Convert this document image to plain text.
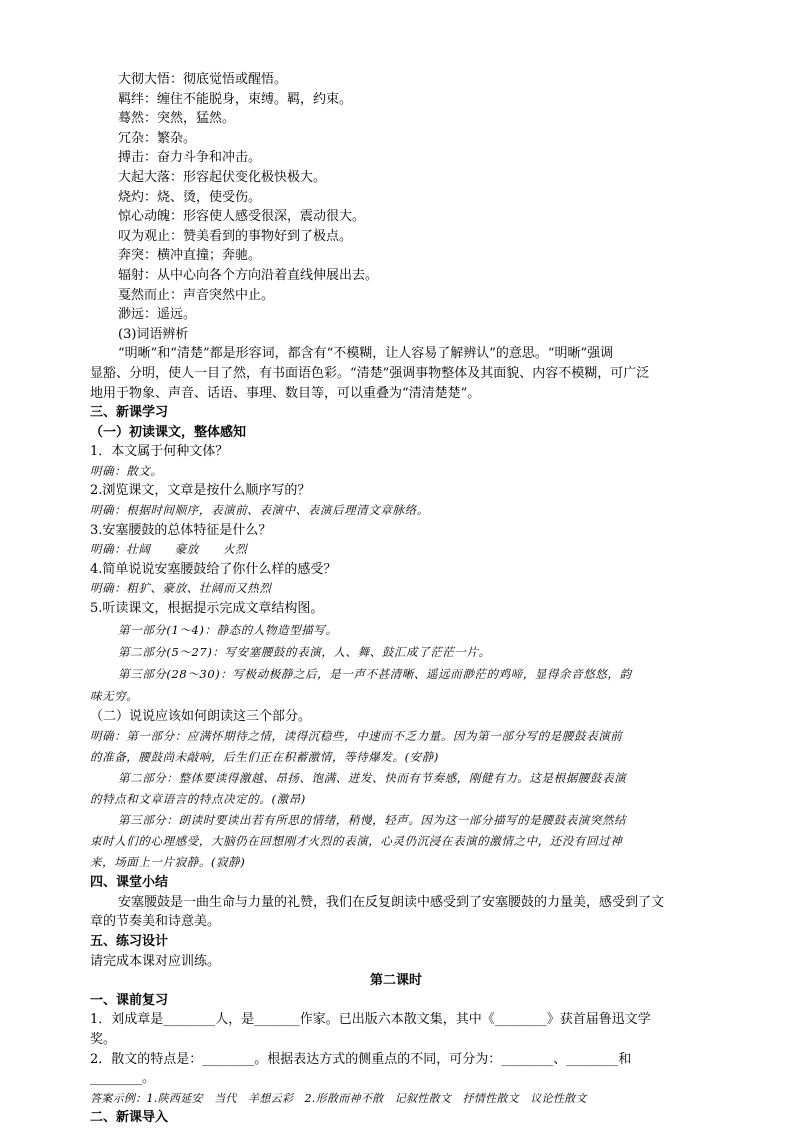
大彻大悟：彻底觉悟或醒悟。
羁绊：缠住不能脱身，束缚。羁，约束。
蓦然：突然，猛然。
冗杂：繁杂。
搏击：奋力斗争和冲击。
大起大落：形容起伏变化极快极大。
烧灼：烧、烫，使受伤。
惊心动魄：形容使人感受很深，震动很大。
叹为观止：赞美看到的事物好到了极点。
奔突：横冲直撞；奔驰。
辐射：从中心向各个方向沿着直线伸展出去。
戛然而止：声音突然中止。
渺远：遥远。
(3)词语辨析
“明晰”和“清楚”都是形容词，都含有“不模糊，让人容易了解辨认”的意思。“明晰”强调
显豁、分明，使人一目了然，有书面语色彩。“清楚”强调事物整体及其面貌、内容不模糊，可广泛
地用于物象、声音、话语、事理、数目等，可以重叠为“清清楚楚”。
三、新课学习
（一）初读课文，整体感知
1．本文属于何种文体？
明确：散文。
2.浏览课文，文章是按什么顺序写的？
明确：根据时间顺序，表演前、表演中、表演后理清文章脉络。
3.安塞腰鼓的总体特征是什么？
明确：壮阔　　豪放　　火烈
4.简单说说安塞腰鼓给了你什么样的感受？
明确：粗犷、豪放、壮阔而又热烈
5.听读课文，根据提示完成文章结构图。
第一部分(1～4)：静态的人物造型描写。
第二部分(5～27)：写安塞腰鼓的表演，人、舞、鼓汇成了茫茫一片。
第三部分(28～30)：写极动极静之后，是一声不甚清晰、遥远而渺茫的鸡啼，显得余音悠悠，韵
味无穷。
（二）说说应该如何朗读这三个部分。
明确：第一部分：应满怀期待之情，读得沉稳些，中速而不乏力量。因为第一部分写的是腰鼓表演前
的准备，腰鼓尚未敲响，后生们正在积蓄激情，等待爆发。(安静)
第二部分：整体要读得激越、昂扬、饱满、迸发、快而有节奏感，刚健有力。这是根据腰鼓表演
的特点和文章语言的特点决定的。(激昂)
第三部分：朗读时要读出若有所思的情绪，稍慢，轻声。因为这一部分描写的是腰鼓表演突然结
束时人们的心理感受，大脑仍在回想刚才火烈的表演，心灵仍沉浸在表演的激情之中，还没有回过神
来，场面上一片寂静。(寂静)
四、课堂小结
安塞腰鼓是一曲生命与力量的礼赞，我们在反复朗读中感受到了安塞腰鼓的力量美，感受到了文
章的节奏美和诗意美。
五、练习设计
请完成本课对应训练。
第二课时
一、课前复习
1．刘成章是________人，是_______作家。已出版六本散文集，其中《________》获首届鲁迅文学
奖。
2．散文的特点是：________。根据表达方式的侧重点的不同，可分为：________、________和
________。
答案示例：1.陕西延安　当代　羊想云彩　2.形散而神不散　记叙性散文　抒情性散文　议论性散文
二、新课导入
